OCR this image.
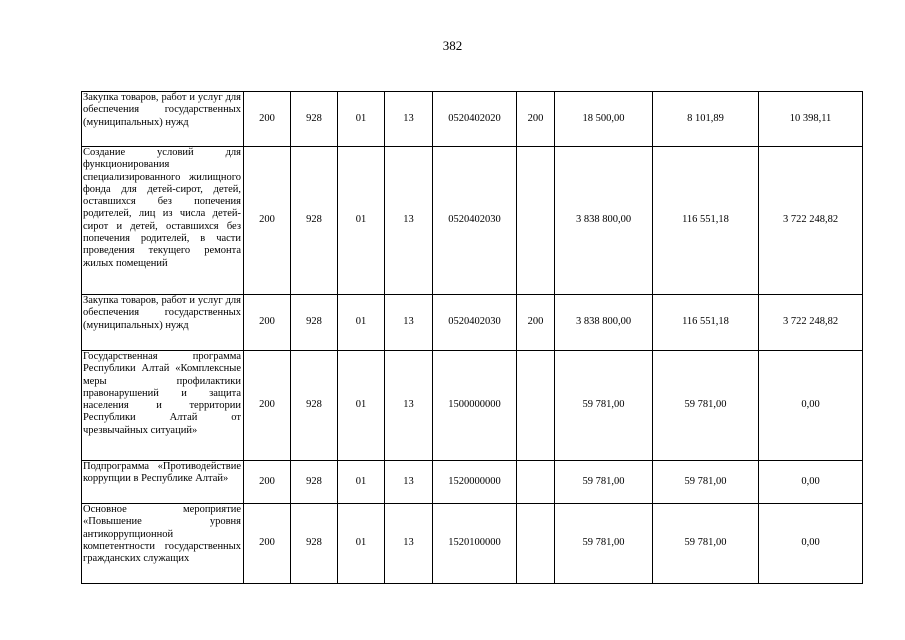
382
Закупка товаров, работ и услуг для обеспечения государственных (муниципальных) нужд	200	928	01	13	0520402020	200	18 500,00	8 101,89	10 398,11
Создание условий для функционирования специализированного жилищного фонда для детей-сирот, детей, оставшихся без попечения родителей, лиц из числа детей-сирот и детей, оставшихся без попечения родителей, в части проведения текущего ремонта жилых помещений	200	928	01	13	0520402030		3 838 800,00	116 551,18	3 722 248,82
Закупка товаров, работ и услуг для обеспечения государственных (муниципальных) нужд	200	928	01	13	0520402030	200	3 838 800,00	116 551,18	3 722 248,82
Государственная программа Республики Алтай «Комплексные меры профилактики правонарушений и защита населения и территории Республики Алтай от чрезвычайных ситуаций»	200	928	01	13	1500000000		59 781,00	59 781,00	0,00
Подпрограмма «Противодействие коррупции в Республике Алтай»	200	928	01	13	1520000000		59 781,00	59 781,00	0,00
Основное мероприятие «Повышение уровня антикоррупционной компетентности государственных гражданских служащих	200	928	01	13	1520100000		59 781,00	59 781,00	0,00
